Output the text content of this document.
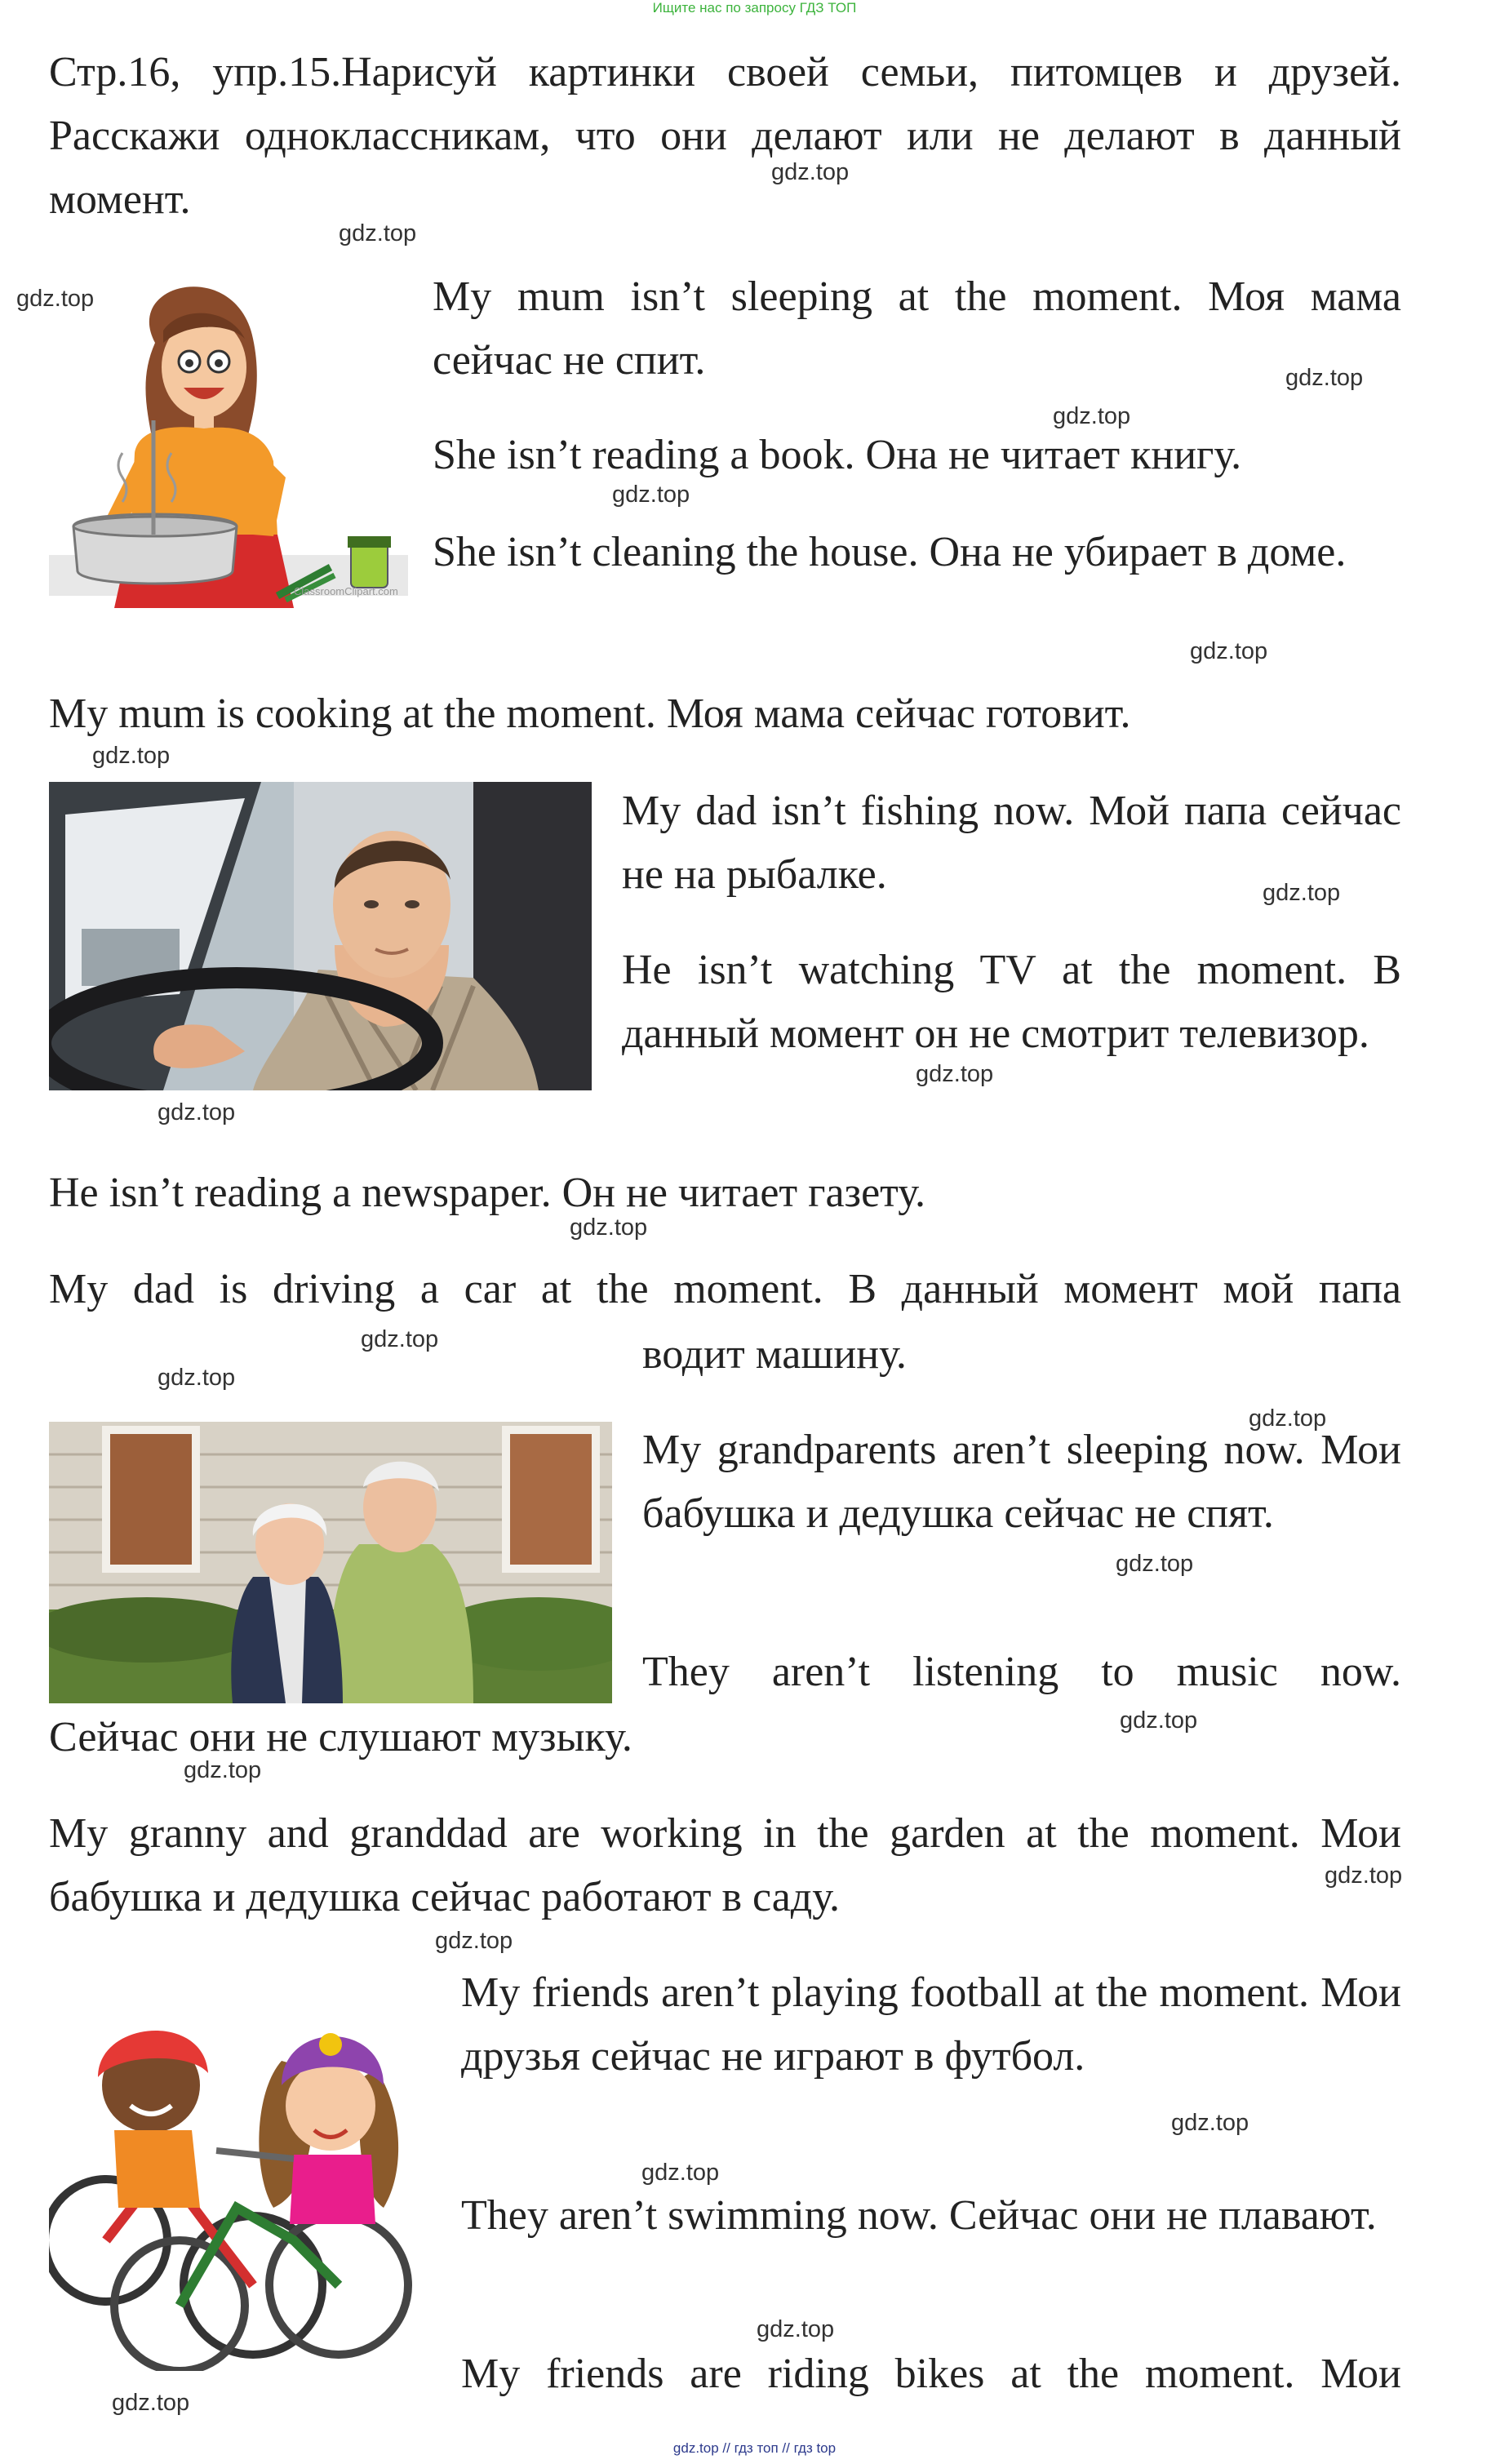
Ищите нас по запросу ГДЗ ТОП
Стр.16, упр.15.Нарисуй картинки своей семьи, питомцев и друзей. Расскажи одноклассникам, что они делают или не делают в данный момент.
ClassroomClipart.com
My mum isn’t sleeping at the moment. Моя мама сейчас не спит.
She isn’t reading a book. Она не читает книгу.
She isn’t cleaning the house. Она не убирает в доме.
My mum is cooking at the moment. Моя мама сейчас готовит.
My dad isn’t fishing now. Мой папа сейчас не на рыбалке.
He isn’t watching TV at the moment. В данный момент он не смотрит телевизор.
He isn’t reading a newspaper. Он не читает газету.
My dad is driving a car at the moment. В данный момент мой папа
водит машину.
My grandparents aren’t sleeping now. Мои бабушка и дедушка сейчас не спят.
They aren’t listening to music now.
Сейчас они не слушают музыку.
My granny and granddad are working in the garden at the moment. Мои бабушка и дедушка сейчас работают в саду.
My friends aren’t playing football at the moment. Мои друзья сейчас не играют в футбол.
They aren’t swimming now. Сейчас они не плавают.
My friends are riding bikes at the moment. Мои
gdz.top
gdz.top
gdz.top
gdz.top
gdz.top
gdz.top
gdz.top
gdz.top
gdz.top
gdz.top
gdz.top
gdz.top
gdz.top
gdz.top
gdz.top
gdz.top
gdz.top
gdz.top
gdz.top
gdz.top
gdz.top
gdz.top
gdz.top
gdz.top
gdz.top // гдз топ // гдз top
